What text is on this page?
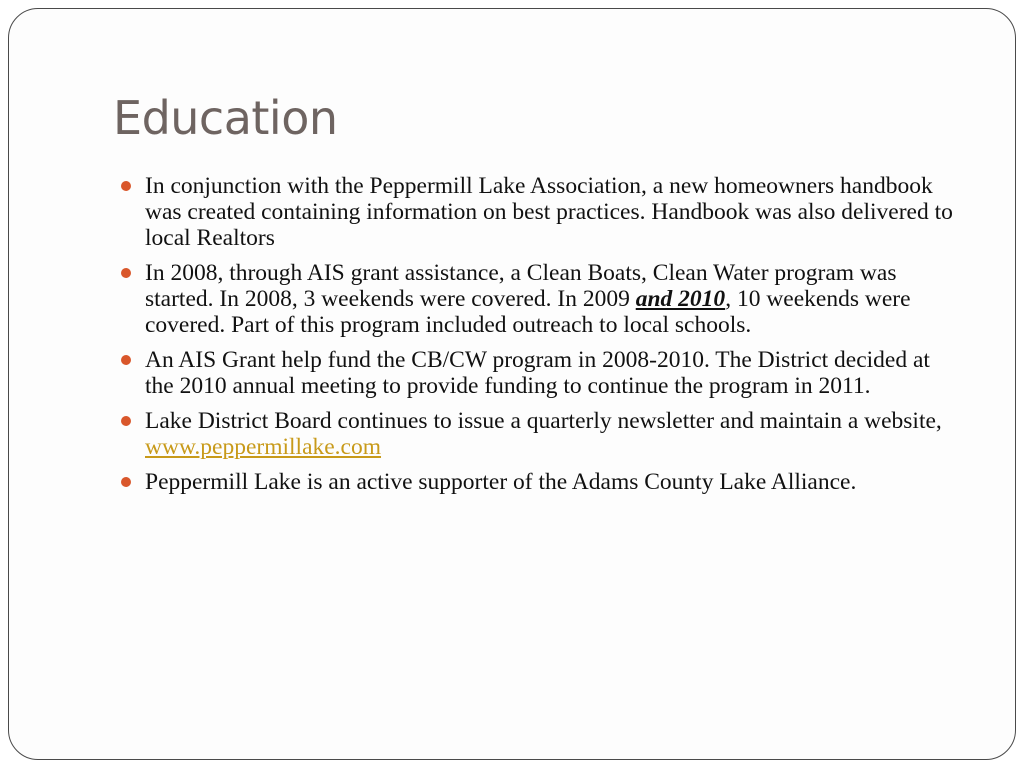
Education
In conjunction with the Peppermill Lake Association, a new homeowners handbook was created containing information on best practices. Handbook was also delivered to local Realtors
In 2008, through AIS grant assistance, a Clean Boats, Clean Water program was started. In 2008, 3 weekends were covered. In 2009 and 2010, 10 weekends were covered. Part of this program included outreach to local schools.
An AIS Grant help fund the CB/CW program in 2008-2010. The District decided at the 2010 annual meeting to provide funding to continue the program in 2011.
Lake District Board continues to issue a quarterly newsletter and maintain a website, www.peppermillake.com
Peppermill Lake is an active supporter of the Adams County Lake Alliance.
